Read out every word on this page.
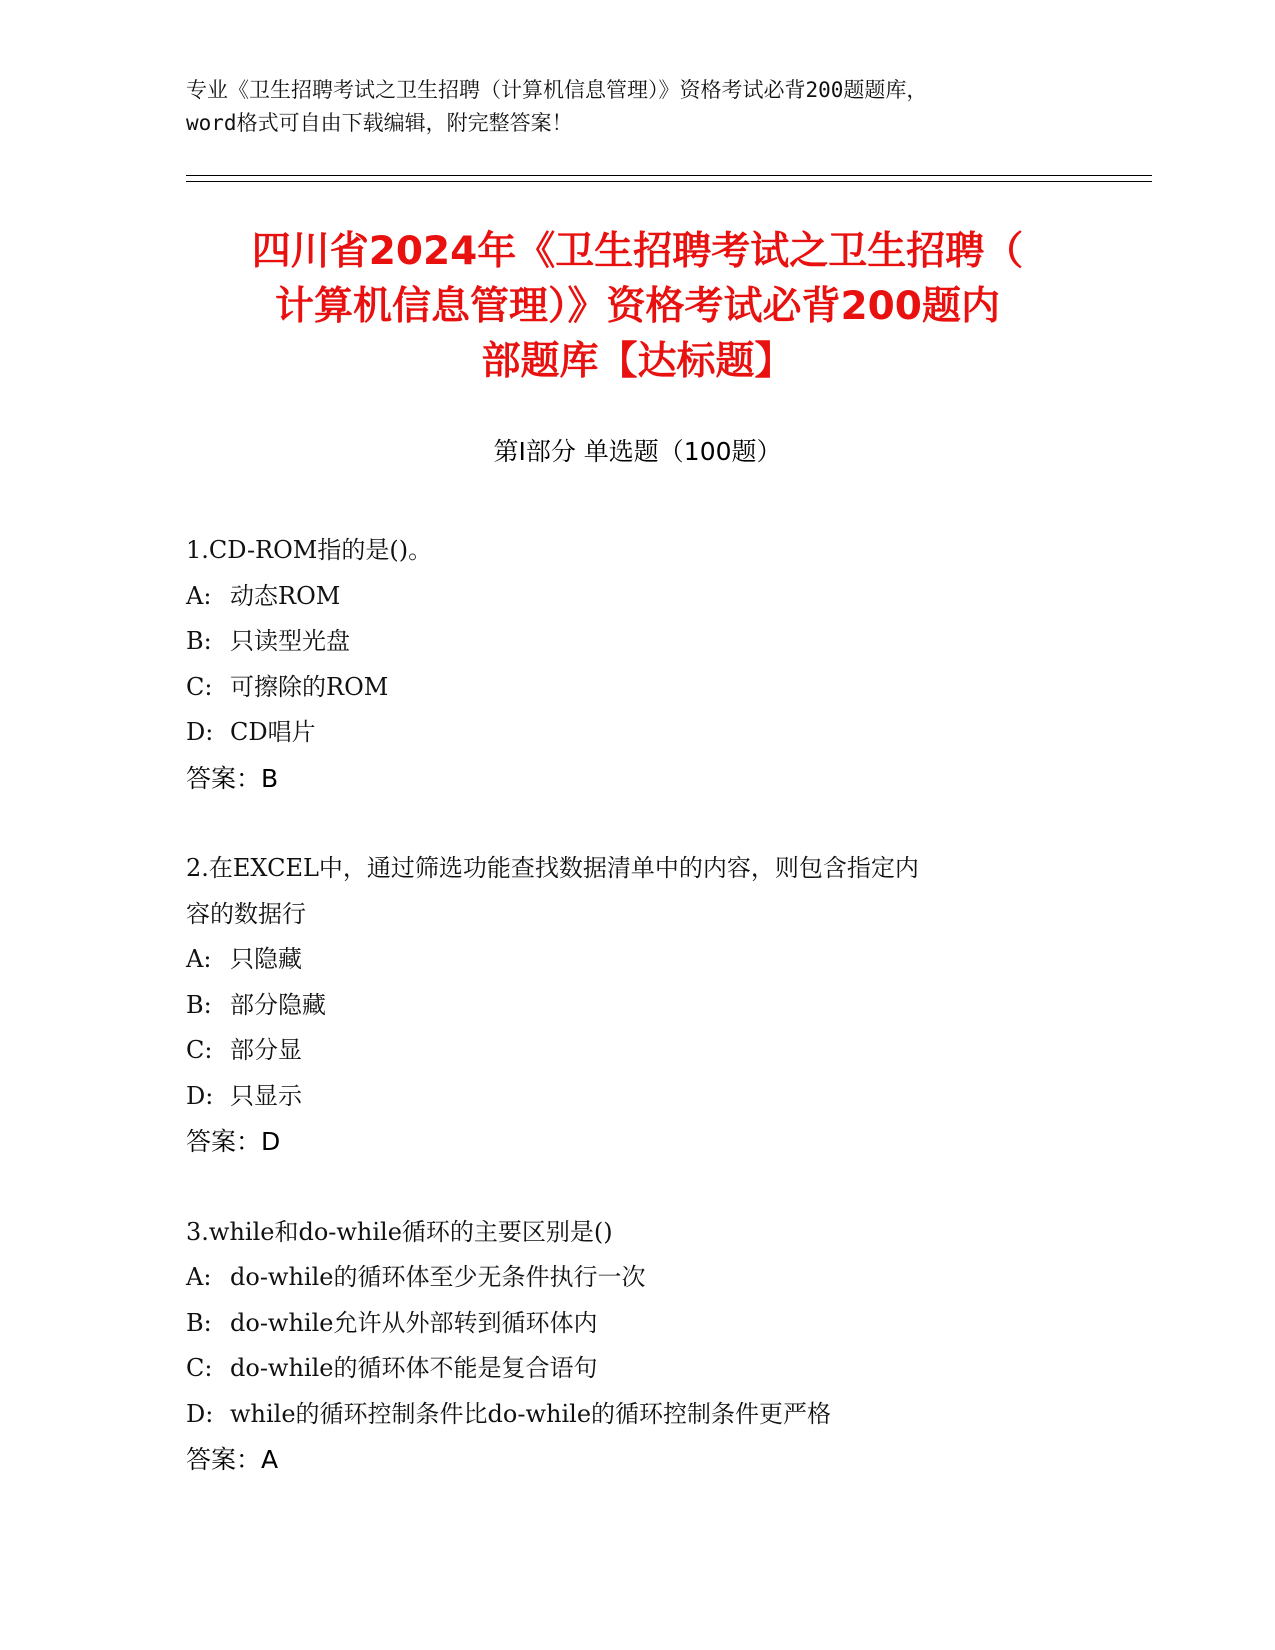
专业《卫生招聘考试之卫生招聘（计算机信息管理）》资格考试必背200题题库，
word格式可自由下载编辑，附完整答案！
四川省2024年《卫生招聘考试之卫生招聘（
计算机信息管理）》资格考试必背200题内
部题库【达标题】
第Ⅰ部分 单选题（100题）
1.CD-ROM指的是()。
A: 动态ROM
B: 只读型光盘
C: 可擦除的ROM
D: CD唱片
答案：B
2.在EXCEL中，通过筛选功能查找数据清单中的内容，则包含指定内
容的数据行
A: 只隐藏
B: 部分隐藏
C: 部分显
D: 只显示
答案：D
3.while和do-while循环的主要区别是()
A: do-while的循环体至少无条件执行一次
B: do-while允许从外部转到循环体内
C: do-while的循环体不能是复合语句
D: while的循环控制条件比do-while的循环控制条件更严格
答案：A
